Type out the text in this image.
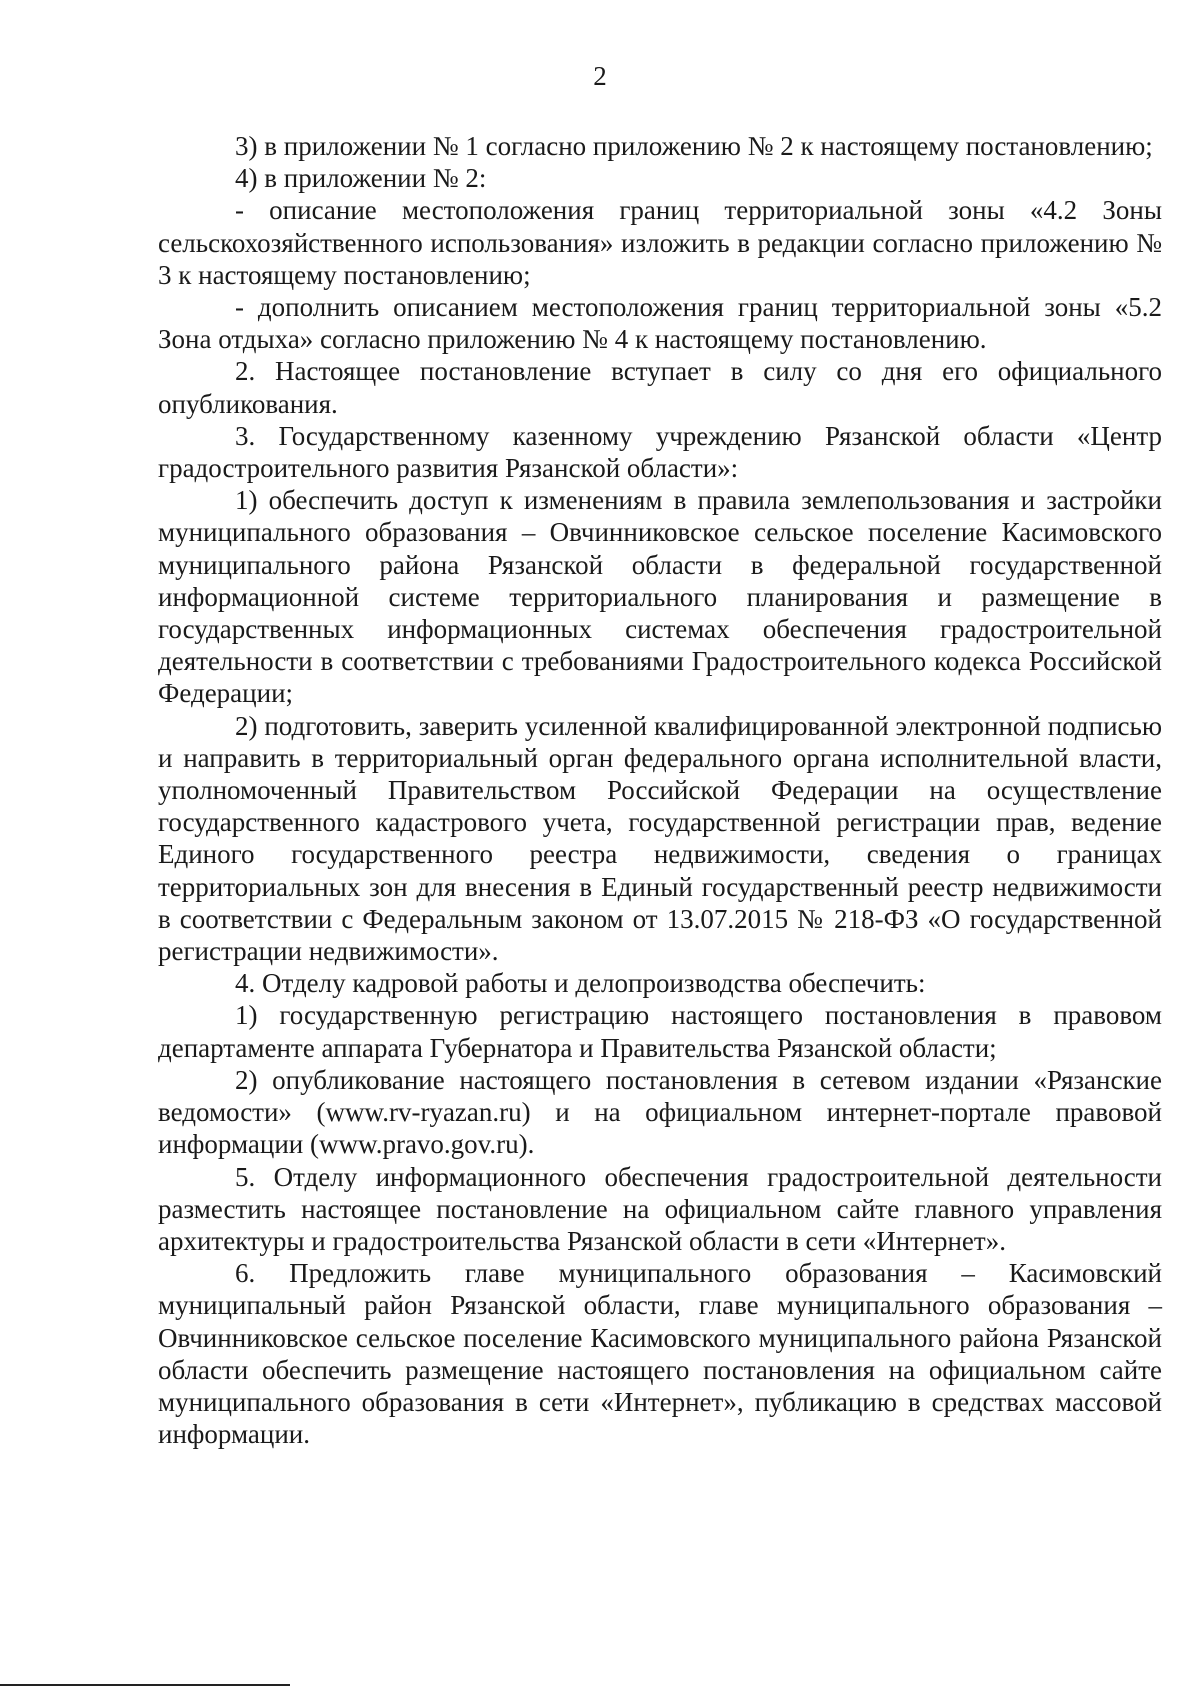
2

3) в приложении № 1 согласно приложению № 2 к настоящему постановлению;

4) в приложении № 2:

- описание местоположения границ территориальной зоны «4.2 Зоны сельскохозяйственного использования» изложить в редакции согласно приложению № 3 к настоящему постановлению;

- дополнить описанием местоположения границ территориальной зоны «5.2 Зона отдыха» согласно приложению № 4 к настоящему постановлению.

2. Настоящее постановление вступает в силу со дня его официального опубликования.

3. Государственному казенному учреждению Рязанской области «Центр градостроительного развития Рязанской области»:

1) обеспечить доступ к изменениям в правила землепользования и застройки муниципального образования – Овчинниковское сельское поселение Касимовского муниципального района Рязанской области в федеральной государственной информационной системе территориального планирования и размещение в государственных информационных системах обеспечения градостроительной деятельности в соответствии с требованиями Градостроительного кодекса Российской Федерации;

2) подготовить, заверить усиленной квалифицированной электронной подписью и направить в территориальный орган федерального органа исполнительной власти, уполномоченный Правительством Российской Федерации на осуществление государственного кадастрового учета, государственной регистрации прав, ведение Единого государственного реестра недвижимости, сведения о границах территориальных зон для внесения в Единый государственный реестр недвижимости в соответствии с Федеральным законом от 13.07.2015 № 218-ФЗ «О государственной регистрации недвижимости».

4. Отделу кадровой работы и делопроизводства обеспечить:

1) государственную регистрацию настоящего постановления в правовом департаменте аппарата Губернатора и Правительства Рязанской области;

2) опубликование настоящего постановления в сетевом издании «Рязанские ведомости» (www.rv-ryazan.ru) и на официальном интернет-портале правовой информации (www.pravo.gov.ru).

5. Отделу информационного обеспечения градостроительной деятельности разместить настоящее постановление на официальном сайте главного управления архитектуры и градостроительства Рязанской области в сети «Интернет».

6. Предложить главе муниципального образования – Касимовский муниципальный район Рязанской области, главе муниципального образования – Овчинниковское сельское поселение Касимовского муниципального района Рязанской области обеспечить размещение настоящего постановления на официальном сайте муниципального образования в сети «Интернет», публикацию в средствах массовой информации.
